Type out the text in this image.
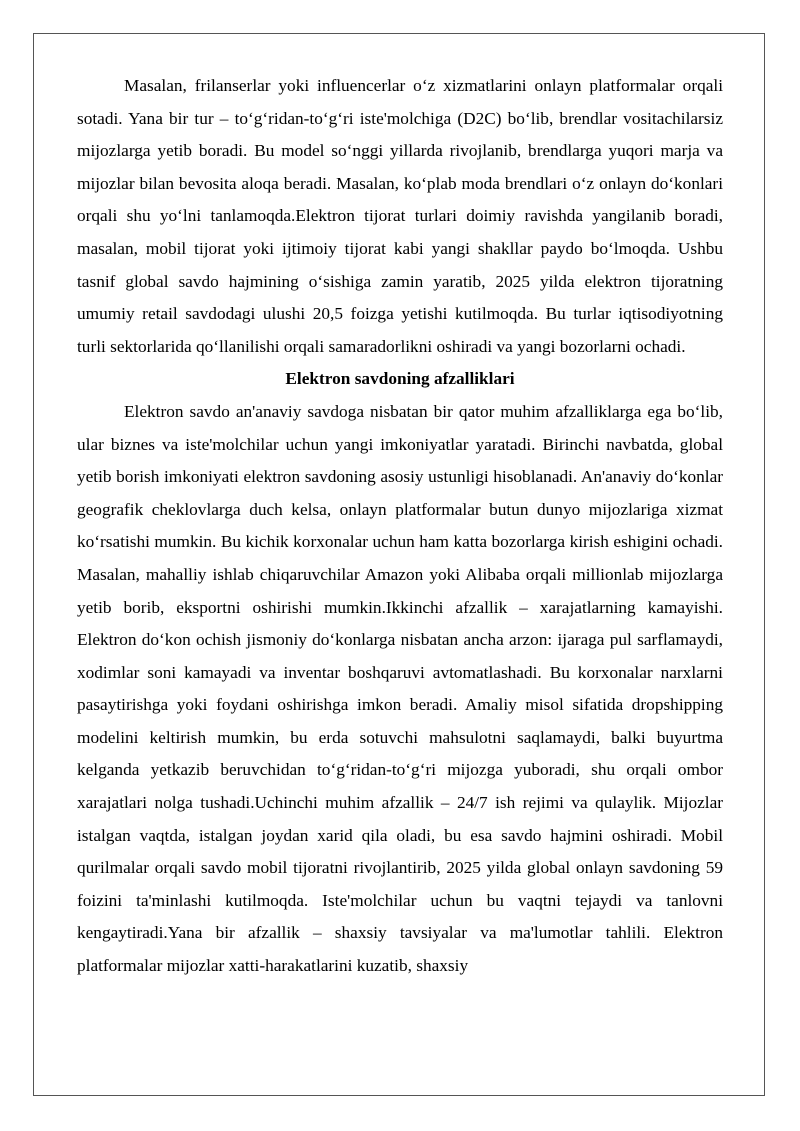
Masalan, frilanserlar yoki influencerlar o‘z xizmatlarini onlayn platformalar orqali sotadi. Yana bir tur – to‘g‘ridan-to‘g‘ri iste'molchiga (D2C) bo‘lib, brendlar vositachilarsiz mijozlarga yetib boradi. Bu model so‘nggi yillarda rivojlanib, brendlarga yuqori marja va mijozlar bilan bevosita aloqa beradi. Masalan, ko‘plab moda brendlari o‘z onlayn do‘konlari orqali shu yo‘lni tanlamoqda.Elektron tijorat turlari doimiy ravishda yangilanib boradi, masalan, mobil tijorat yoki ijtimoiy tijorat kabi yangi shakllar paydo bo‘lmoqda. Ushbu tasnif global savdo hajmining o‘sishiga zamin yaratib, 2025 yilda elektron tijoratning umumiy retail savdodagi ulushi 20,5 foizga yetishi kutilmoqda. Bu turlar iqtisodiyotning turli sektorlarida qo‘llanilishi orqali samaradorlikni oshiradi va yangi bozorlarni ochadi.

Elektron savdoning afzalliklari

Elektron savdo an'anaviy savdoga nisbatan bir qator muhim afzalliklarga ega bo‘lib, ular biznes va iste'molchilar uchun yangi imkoniyatlar yaratadi. Birinchi navbatda, global yetib borish imkoniyati elektron savdoning asosiy ustunligi hisoblanadi. An'anaviy do‘konlar geografik cheklovlarga duch kelsa, onlayn platformalar butun dunyo mijozlariga xizmat ko‘rsatishi mumkin. Bu kichik korxonalar uchun ham katta bozorlarga kirish eshigini ochadi. Masalan, mahalliy ishlab chiqaruvchilar Amazon yoki Alibaba orqali millionlab mijozlarga yetib borib, eksportni oshirishi mumkin.Ikkinchi afzallik – xarajatlarning kamayishi. Elektron do‘kon ochish jismoniy do‘konlarga nisbatan ancha arzon: ijaraga pul sarflamaydi, xodimlar soni kamayadi va inventar boshqaruvi avtomatlashadi. Bu korxonalar narxlarni pasaytirishga yoki foydani oshirishga imkon beradi. Amaliy misol sifatida dropshipping modelini keltirish mumkin, bu erda sotuvchi mahsulotni saqlamaydi, balki buyurtma kelganda yetkazib beruvchidan to‘g‘ridan-to‘g‘ri mijozga yuboradi, shu orqali ombor xarajatlari nolga tushadi.Uchinchi muhim afzallik – 24/7 ish rejimi va qulaylik. Mijozlar istalgan vaqtda, istalgan joydan xarid qila oladi, bu esa savdo hajmini oshiradi. Mobil qurilmalar orqali savdo mobil tijoratni rivojlantirib, 2025 yilda global onlayn savdoning 59 foizini ta'minlashi kutilmoqda. Iste'molchilar uchun bu vaqtni tejaydi va tanlovni kengaytiradi.Yana bir afzallik – shaxsiy tavsiyalar va ma'lumotlar tahlili. Elektron platformalar mijozlar xatti-harakatlarini kuzatib, shaxsiy
